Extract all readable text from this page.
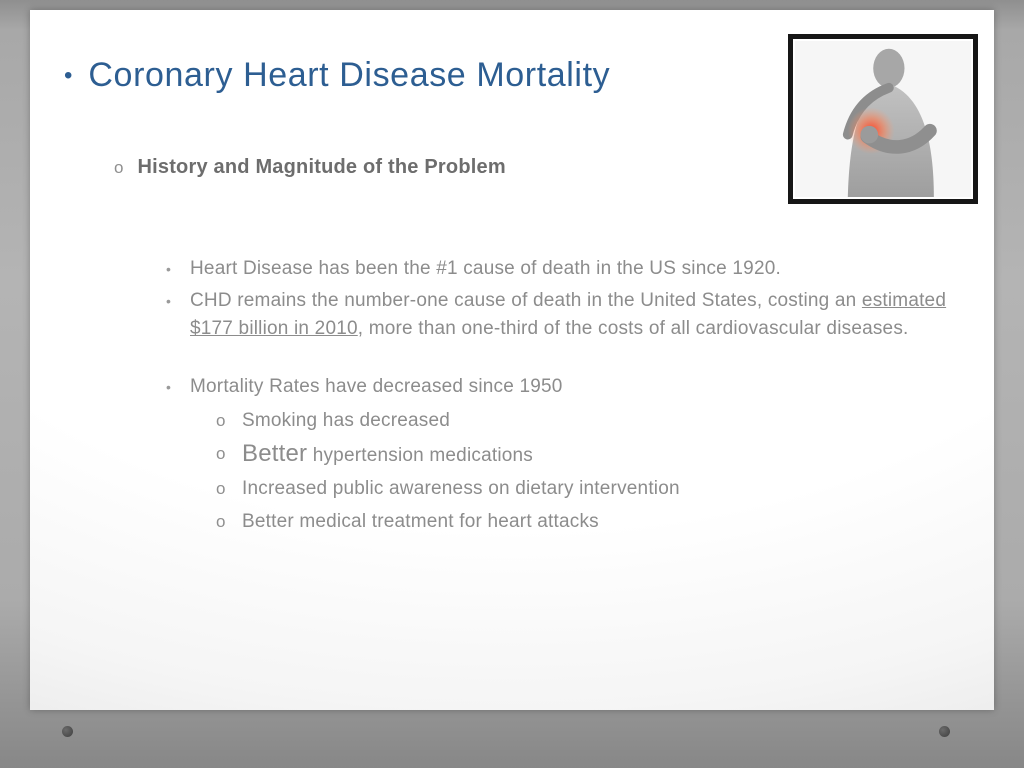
• Coronary Heart Disease Mortality
o History and Magnitude of the Problem
• Heart Disease has been the #1 cause of death in the US since 1920.
• CHD remains the number-one cause of death in the United States, costing an estimated $177 billion in 2010, more than one-third of the costs of all cardiovascular diseases.
• Mortality Rates have decreased since 1950
o Smoking has decreased
o Better hypertension medications
o Increased public awareness on dietary intervention
o Better medical treatment for heart attacks
